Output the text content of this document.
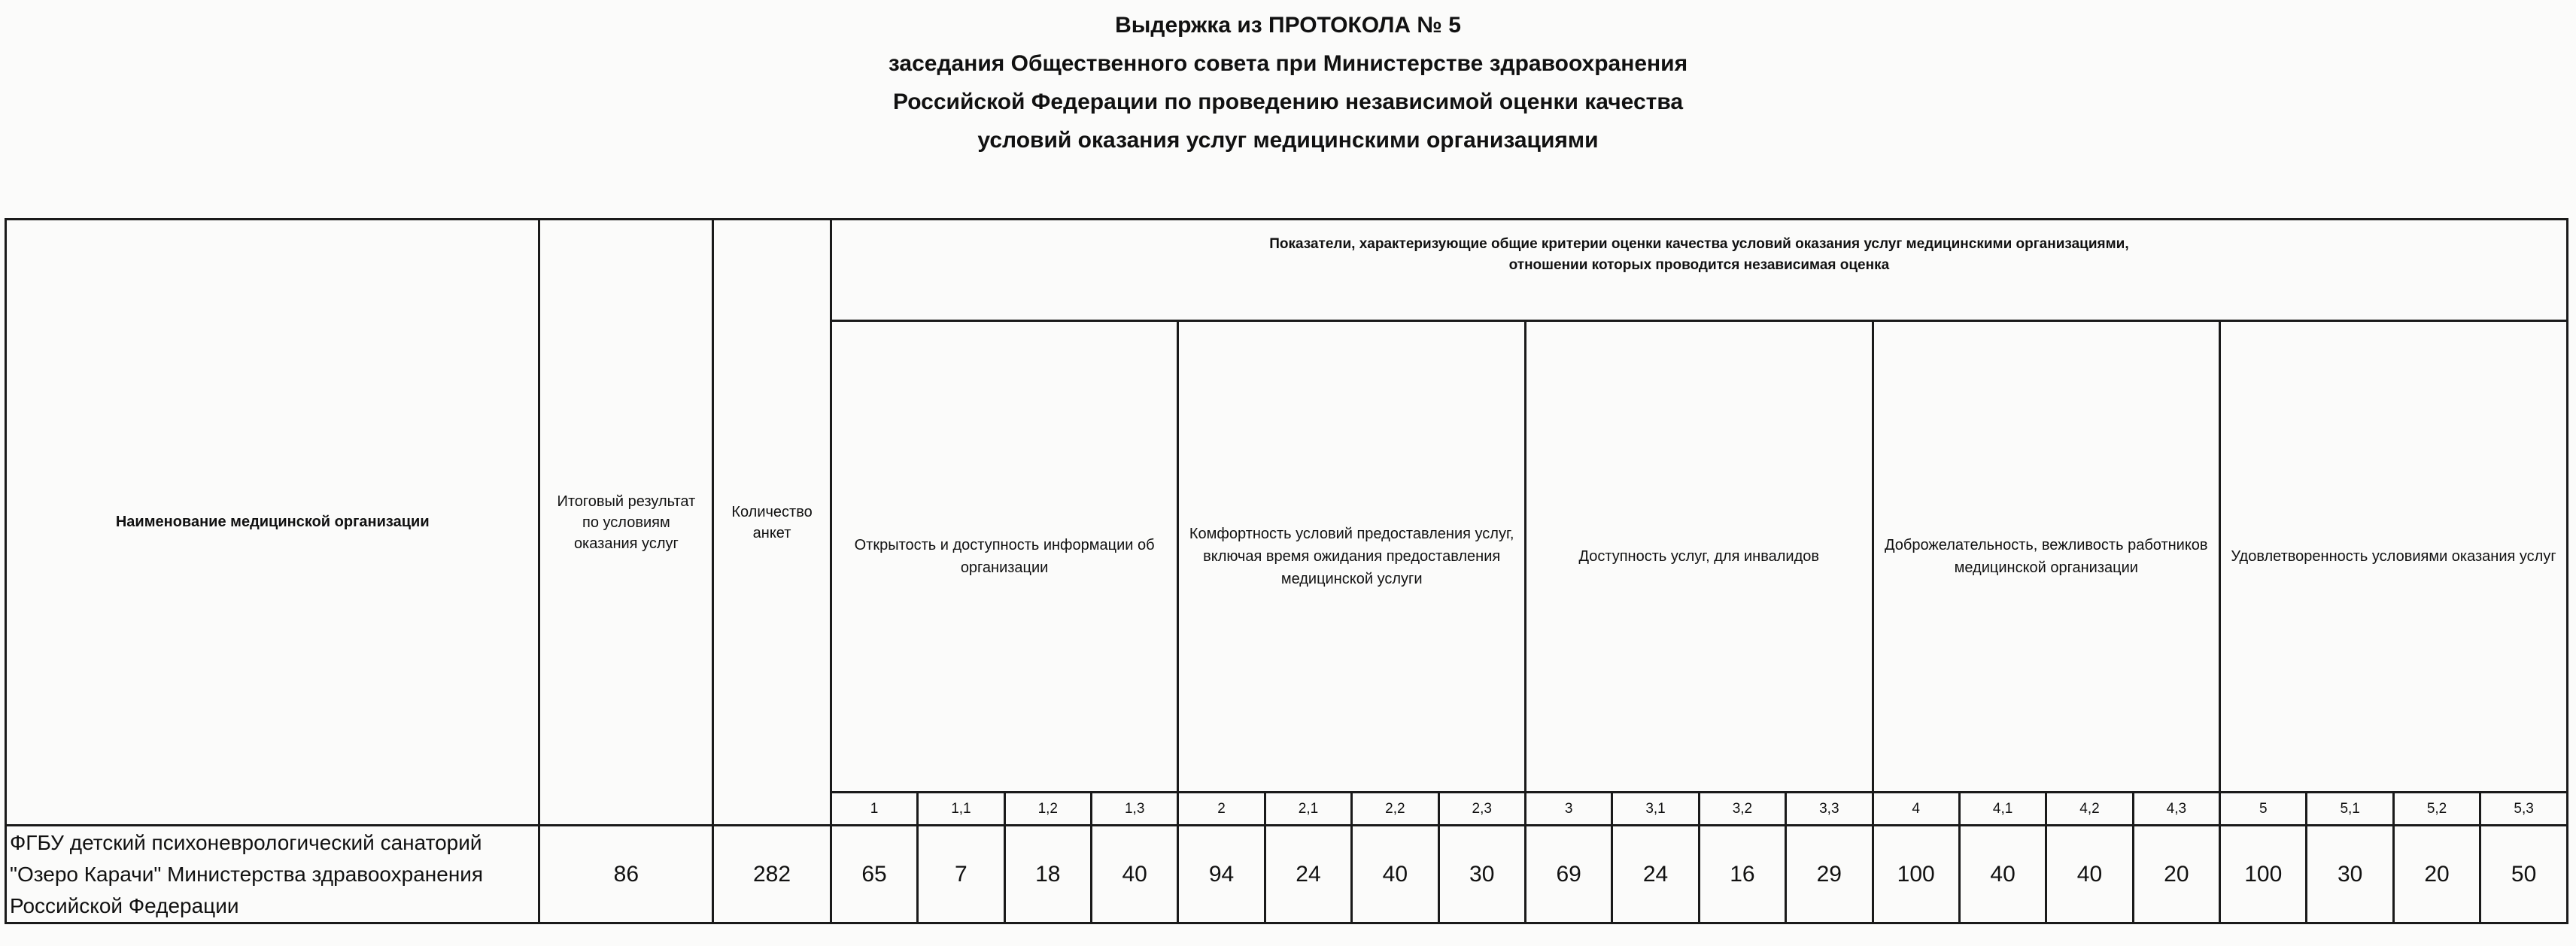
Выдержка из ПРОТОКОЛА № 5
заседания Общественного совета при Министерстве здравоохранения
Российской Федерации по проведению независимой оценки качества
условий оказания услуг медицинскими организациями
Наименование медицинской организации	Итоговый результат по условиям оказания услуг	Количество анкет	Показатели, характеризующие общие критерии оценки качества условий оказания услуг медицинскими организациями,
отношении которых проводится независимая оценка																			

			Открытость и доступность информации об организации				Комфортность условий предоставления услуг, включая время ожидания предоставления медицинской услуги				Доступность услуг, для инвалидов				Доброжелательность, вежливость работников медицинской организации				Удовлетворенность условиями оказания услуг			
			1	1,1	1,2	1,3	2	2,1	2,2	2,3	3	3,1	3,2	3,3	4	4,1	4,2	4,3	5	5,1	5,2	5,3
ФГБУ детский психоневрологический санаторий "Озеро Карачи" Министерства здравоохранения Российской Федерации	86	282	65	7	18	40	94	24	40	30	69	24	16	29	100	40	40	20	100	30	20	50
